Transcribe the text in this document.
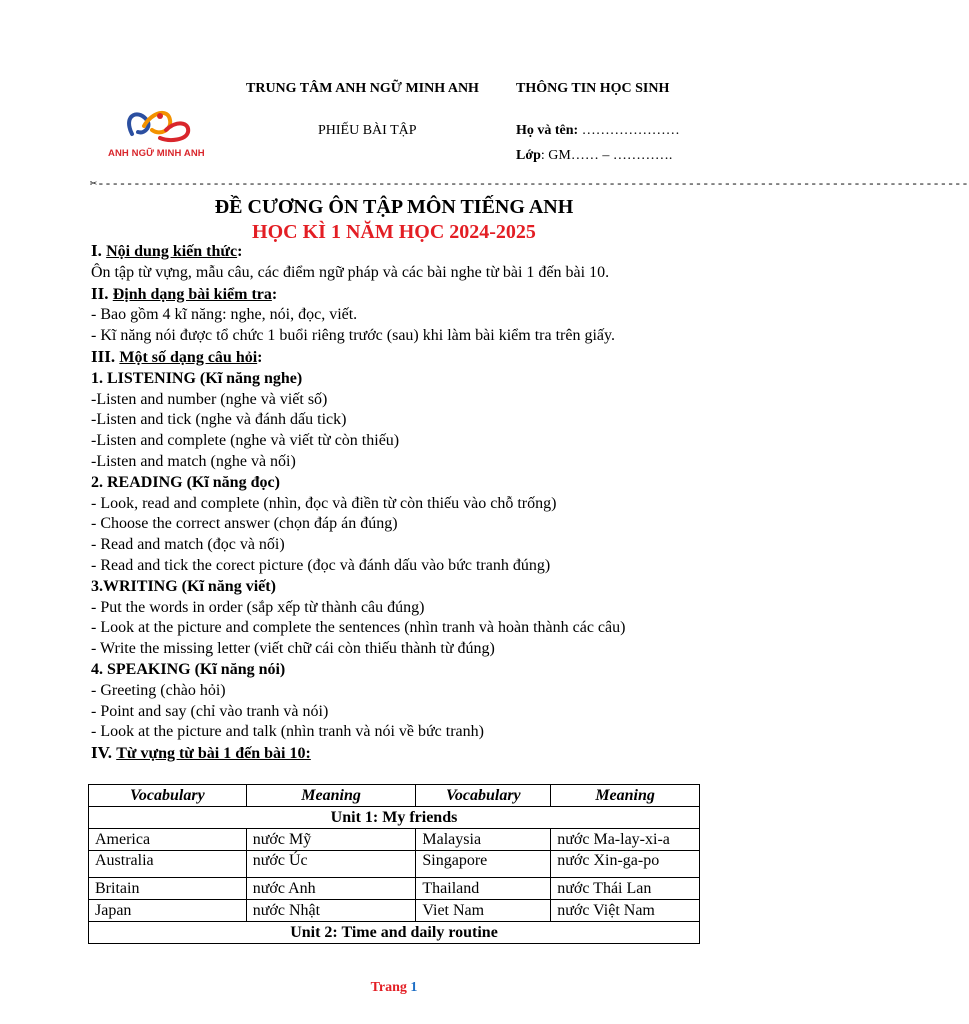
TRUNG TÂM ANH NGỮ MINH ANH	THÔNG TIN HỌC SINH
PHIẾU BÀI TẬP	Họ và tên: …………………
Lớp: GM…… – ………….
ANH NGỮ MINH ANH
✂-------------------------------------------------------------------------------------------------------------------------
ĐỀ CƯƠNG ÔN TẬP MÔN TIẾNG ANH
HỌC KÌ 1 NĂM HỌC 2024-2025
I. Nội dung kiến thức:
Ôn tập từ vựng, mẫu câu, các điểm ngữ pháp và các bài nghe từ bài 1 đến bài 10.
II. Định dạng bài kiểm tra:
- Bao gồm 4 kĩ năng: nghe, nói, đọc, viết.
- Kĩ năng nói được tổ chức 1 buổi riêng trước (sau) khi làm bài kiểm tra trên giấy.
III. Một số dạng câu hỏi:
1. LISTENING (Kĩ năng nghe)
-Listen and number (nghe và viết số)
-Listen and tick (nghe và đánh dấu tick)
-Listen and complete (nghe và viết từ còn thiếu)
-Listen and match (nghe và nối)
2. READING (Kĩ năng đọc)
- Look, read and complete (nhìn, đọc và điền từ còn thiếu vào chỗ trống)
- Choose the correct answer (chọn đáp án đúng)
- Read and match (đọc và nối)
- Read and tick the corect picture (đọc và đánh dấu vào bức tranh đúng)
3.WRITING (Kĩ năng viết)
- Put the words in order (sắp xếp từ thành câu đúng)
- Look at the picture and complete the sentences (nhìn tranh và hoàn thành các câu)
- Write the missing letter (viết chữ cái còn thiếu thành từ đúng)
4. SPEAKING (Kĩ năng nói)
- Greeting (chào hỏi)
- Point and say (chỉ vào tranh và nói)
- Look at the picture and talk (nhìn tranh và nói về bức tranh)
IV. Từ vựng từ bài 1 đến bài 10:
Vocabulary	Meaning	Vocabulary	Meaning
Unit 1: My friends			
America	nước Mỹ	Malaysia	nước Ma-lay-xi-a
Australia	nước Úc	Singapore	nước Xin-ga-po
Britain	nước Anh	Thailand	nước Thái Lan
Japan	nước Nhật	Viet Nam	nước Việt Nam
Unit 2: Time and daily routine			
Trang 1
